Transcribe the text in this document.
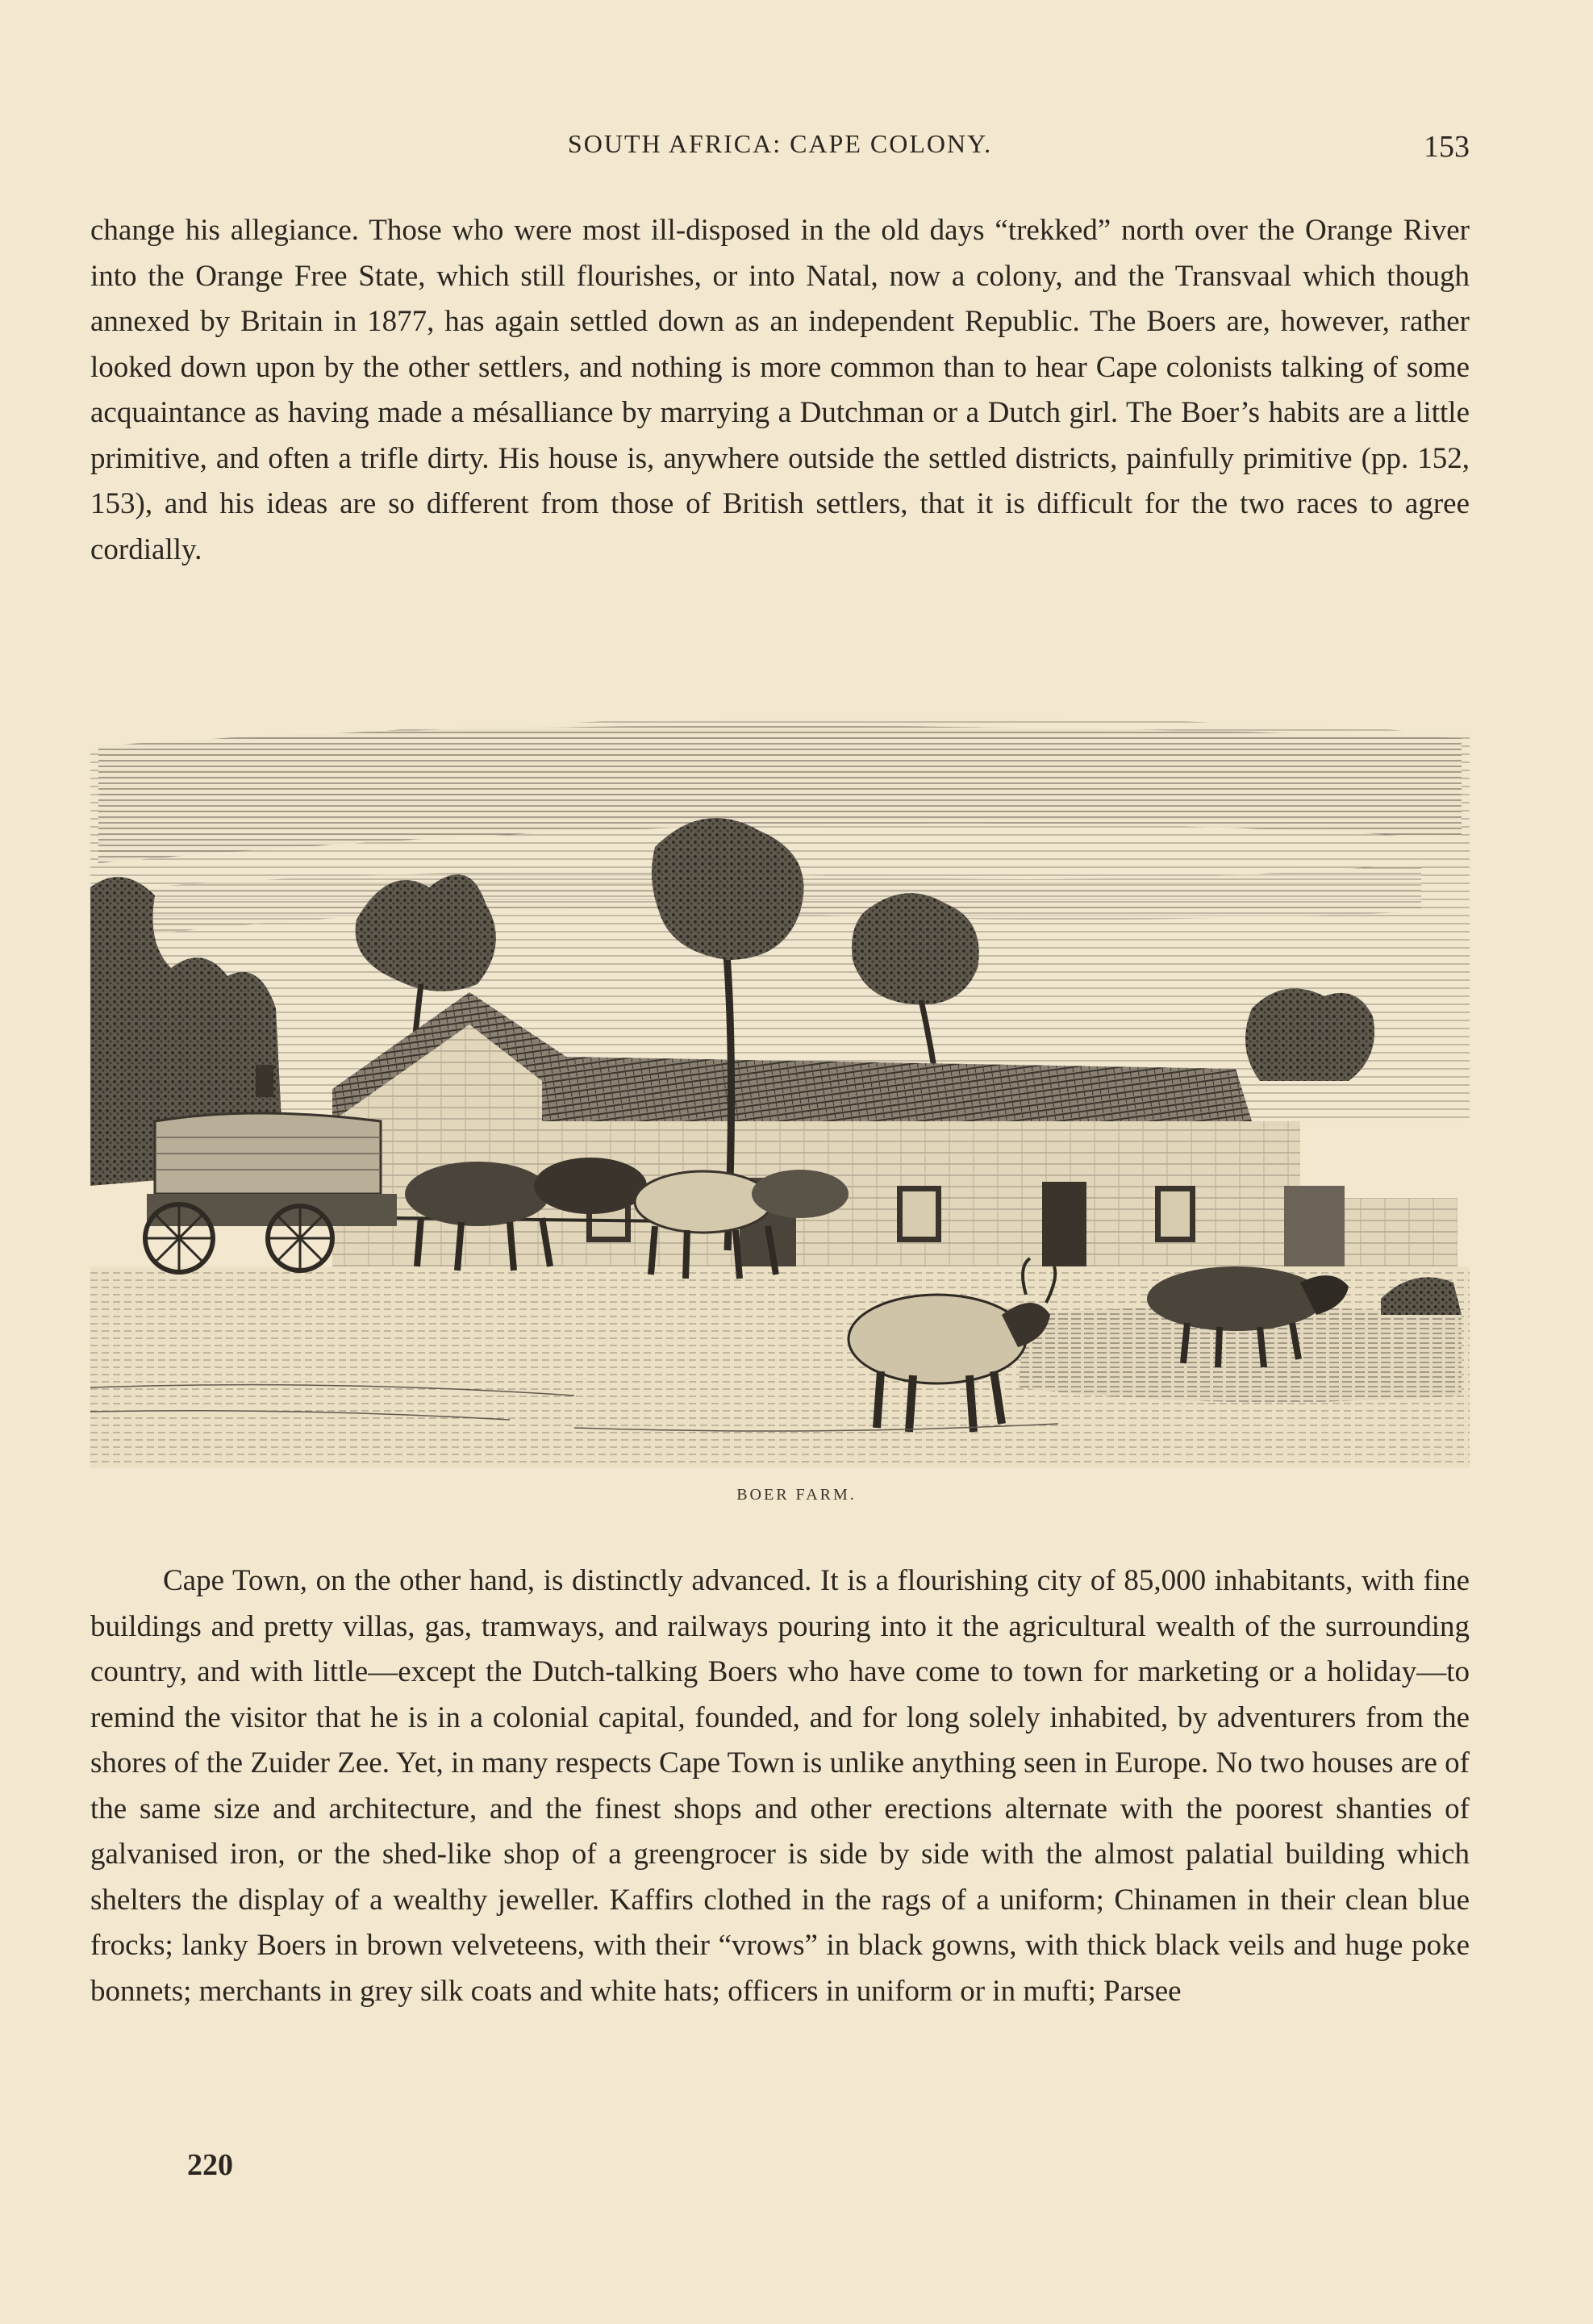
SOUTH AFRICA: CAPE COLONY.	153

change his allegiance. Those who were most ill-disposed in the old days “trekked” north over the Orange River into the Orange Free State, which still flourishes, or into Natal, now a colony, and the Transvaal which though annexed by Britain in 1877, has again settled down as an independent Republic. The Boers are, however, rather looked down upon by the other settlers, and nothing is more common than to hear Cape colonists talking of some acquaintance as having made a mésalliance by marrying a Dutchman or a Dutch girl. The Boer’s habits are a little primitive, and often a trifle dirty. His house is, anywhere outside the settled districts, painfully primitive (pp. 152, 153), and his ideas are so different from those of British settlers, that it is difficult for the two races to agree cordially.

BOER FARM.

Cape Town, on the other hand, is distinctly advanced. It is a flourishing city of 85,000 inhabitants, with fine buildings and pretty villas, gas, tramways, and railways pouring into it the agricultural wealth of the surrounding country, and with little—except the Dutch-talking Boers who have come to town for marketing or a holiday—to remind the visitor that he is in a colonial capital, founded, and for long solely inhabited, by adventurers from the shores of the Zuider Zee. Yet, in many respects Cape Town is unlike anything seen in Europe. No two houses are of the same size and architecture, and the finest shops and other erections alternate with the poorest shanties of galvanised iron, or the shed-like shop of a greengrocer is side by side with the almost palatial building which shelters the display of a wealthy jeweller. Kaffirs clothed in the rags of a uniform; Chinamen in their clean blue frocks; lanky Boers in brown velveteens, with their “vrows” in black gowns, with thick black veils and huge poke bonnets; merchants in grey silk coats and white hats; officers in uniform or in mufti; Parsee

220
